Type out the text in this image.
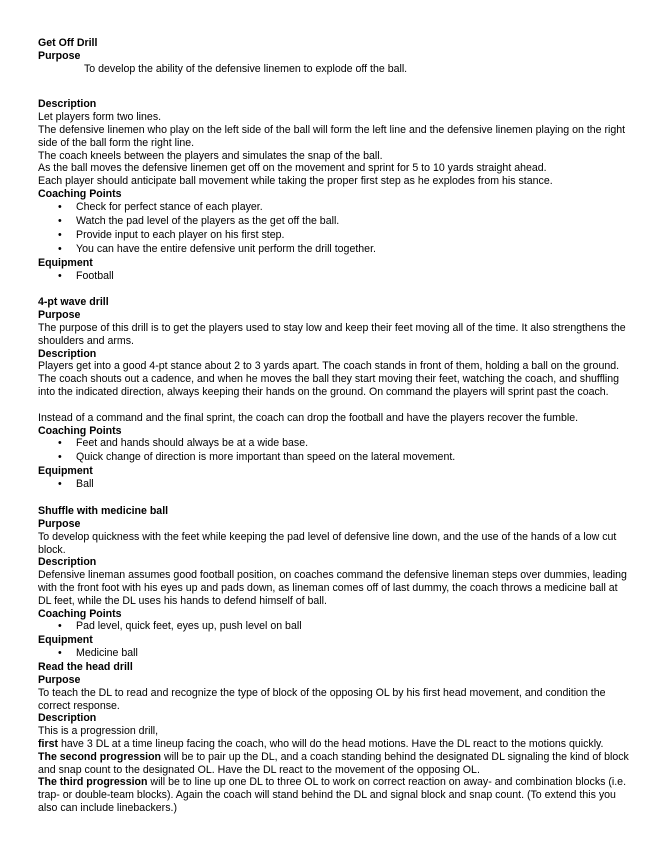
Get Off Drill

Purpose

To develop the ability of the defensive linemen to explode off the ball.

Description

Let players form two lines.

The defensive linemen who play on the left side of the ball will form the left line and the defensive linemen playing on the right side of the ball form the right line.

The coach kneels between the players and simulates the snap of the ball.

As the ball moves the defensive linemen get off on the movement and sprint for 5 to 10 yards straight ahead.

Each player should anticipate ball movement while taking the proper first step as he explodes from his stance.

Coaching Points

• Check for perfect stance of each player.
• Watch the pad level of the players as the get off the ball.
• Provide input to each player on his first step.
• You can have the entire defensive unit perform the drill together.

Equipment

• Football

4-pt wave drill

Purpose

The purpose of this drill is to get the players used to stay low and keep their feet moving all of the time. It also strengthens the shoulders and arms.

Description

Players get into a good 4-pt stance about 2 to 3 yards apart. The coach stands in front of them, holding a ball on the ground. The coach shouts out a cadence, and when he moves the ball they start moving their feet, watching the coach, and shuffling into the indicated direction, always keeping their hands on the ground. On command the players will sprint past the coach.

Instead of a command and the final sprint, the coach can drop the football and have the players recover the fumble.

Coaching Points

• Feet and hands should always be at a wide base.
• Quick change of direction is more important than speed on the lateral movement.

Equipment

• Ball

Shuffle with medicine ball

Purpose

To develop quickness with the feet while keeping the pad level of defensive line down, and the use of the hands of a low cut block.

Description

Defensive lineman assumes good football position, on coaches command the defensive lineman steps over dummies, leading with the front foot with his eyes up and pads down, as lineman comes off of last dummy, the coach throws a medicine ball at DL feet, while the DL uses his hands to defend himself of ball.

Coaching Points

• Pad level, quick feet, eyes up, push level on ball

Equipment

• Medicine ball

Read the head drill

Purpose

To teach the DL to read and recognize the type of block of the opposing OL by his first head movement, and condition the correct response.

Description

This is a progression drill,

first have 3 DL at a time lineup facing the coach, who will do the head motions. Have the DL react to the motions quickly.

The second progression will be to pair up the DL, and a coach standing behind the designated DL signaling the kind of block and snap count to the designated OL. Have the DL react to the movement of the opposing OL.

The third progression will be to line up one DL to three OL to work on correct reaction on away- and combination blocks (i.e. trap- or double-team blocks). Again the coach will stand behind the DL and signal block and snap count. (To extend this you also can include linebackers.)
